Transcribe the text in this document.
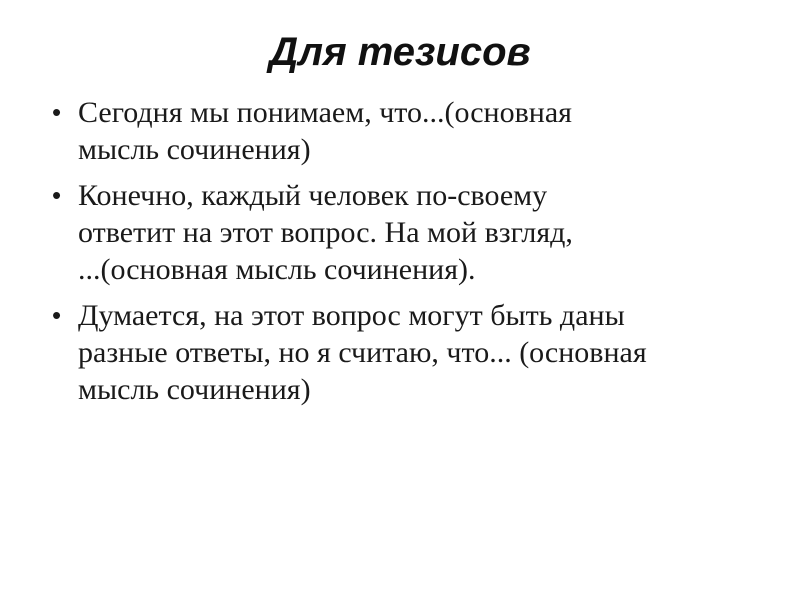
Для тезисов
• Сегодня мы понимаем, что...(основная
мысль сочинения)
• Конечно, каждый человек по-своему
ответит на этот вопрос. На мой взгляд,
...(основная мысль сочинения).
• Думается, на этот вопрос могут быть даны
разные ответы, но я считаю, что... (основная
мысль сочинения)
